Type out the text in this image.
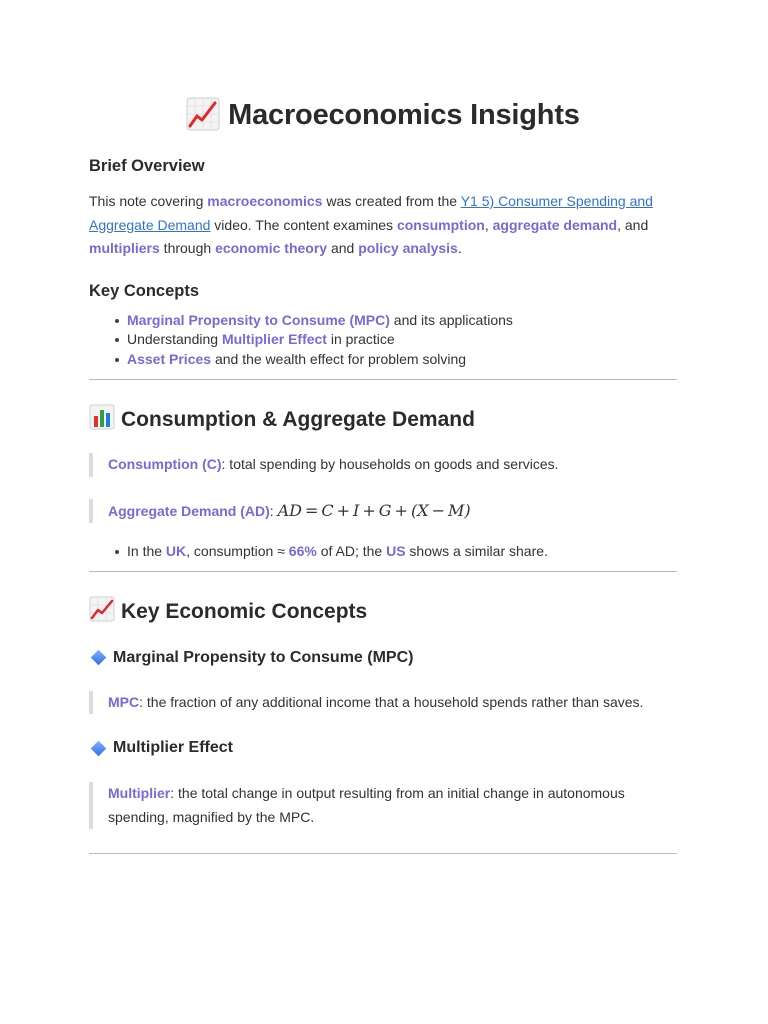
Macroeconomics Insights
Brief Overview

This note covering macroeconomics was created from the Y1 5) Consumer Spending and Aggregate Demand video. The content examines consumption, aggregate demand, and multipliers through economic theory and policy analysis.

Key Concepts
Marginal Propensity to Consume (MPC) and its applications
Understanding Multiplier Effect in practice
Asset Prices and the wealth effect for problem solving
Consumption & Aggregate Demand
Consumption (C): total spending by households on goods and services.
Aggregate Demand (AD): AD = C + I + G + (X − M)
In the UK, consumption ≈ 66% of AD; the US shows a similar share.
Key Economic Concepts
Marginal Propensity to Consume (MPC)
MPC: the fraction of any additional income that a household spends rather than saves.
Multiplier Effect
Multiplier: the total change in output resulting from an initial change in autonomous spending, magnified by the MPC.
